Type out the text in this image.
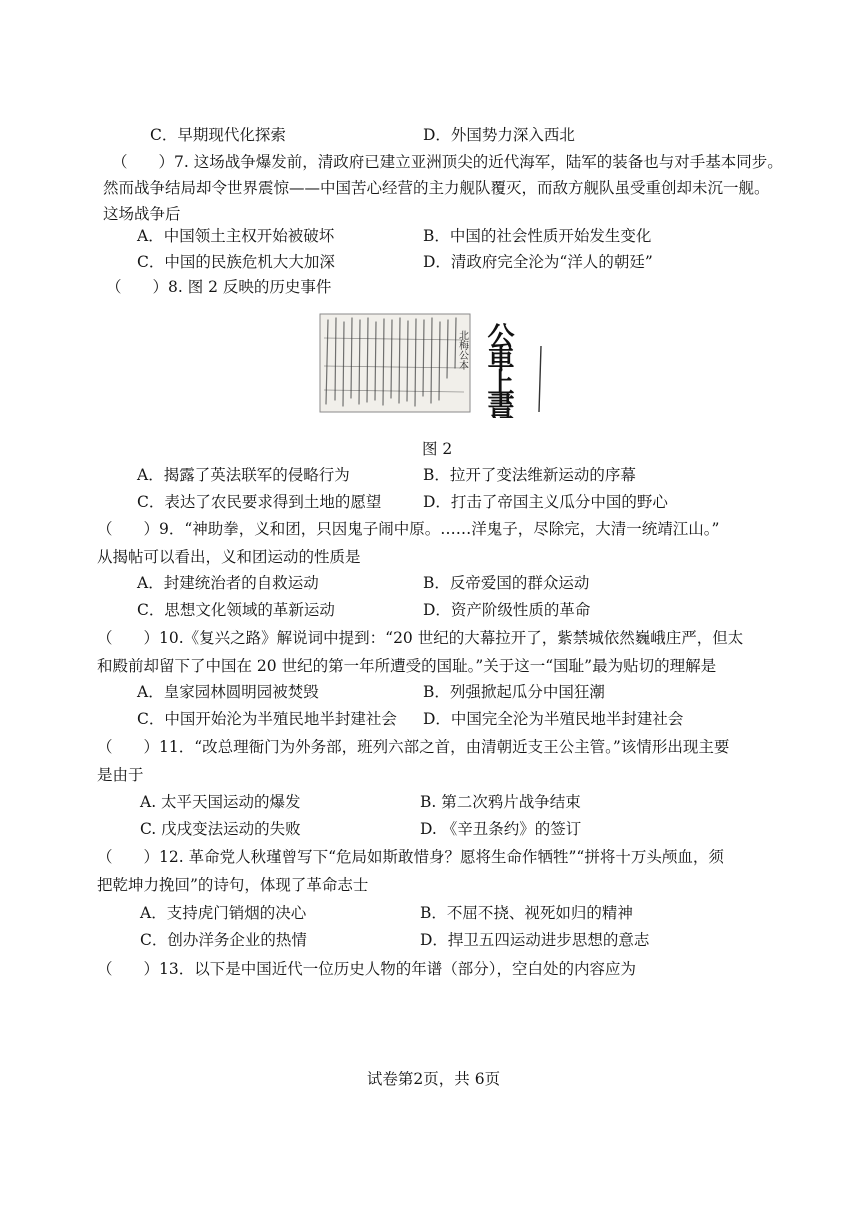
C．早期现代化探索	D．外国势力深入西北
（　　）7. 这场战争爆发前，清政府已建立亚洲顶尖的近代海军，陆军的装备也与对手基本同步。
然而战争结局却令世界震惊——中国苦心经营的主力舰队覆灭，而敌方舰队虽受重创却未沉一舰。
这场战争后
A．中国领土主权开始被破坏	B．中国的社会性质开始发生变化
C．中国的民族危机大大加深	D．清政府完全沦为“洋人的朝廷”
（　　）8. 图 2 反映的历史事件
北梅公本 公車上書記
图 2
A．揭露了英法联军的侵略行为	B．拉开了变法维新运动的序幕
C．表达了农民要求得到土地的愿望	D．打击了帝国主义瓜分中国的野心
（　　）9．“神助拳，义和团，只因鬼子闹中原。……洋鬼子，尽除完，大清一统靖江山。”
从揭帖可以看出，义和团运动的性质是
A．封建统治者的自救运动	B．反帝爱国的群众运动
C．思想文化领域的革新运动	D．资产阶级性质的革命
（　　）10.《复兴之路》解说词中提到：“20 世纪的大幕拉开了，紫禁城依然巍峨庄严，但太
和殿前却留下了中国在 20 世纪的第一年所遭受的国耻。”关于这一“国耻”最为贴切的理解是
A．皇家园林圆明园被焚毁	B．列强掀起瓜分中国狂潮
C．中国开始沦为半殖民地半封建社会 D．中国完全沦为半殖民地半封建社会
（　　）11．“改总理衙门为外务部，班列六部之首，由清朝近支王公主管。”该情形出现主要
是由于
A. 太平天国运动的爆发	B. 第二次鸦片战争结束
C. 戊戌变法运动的失败	D. 《辛丑条约》的签订
（　　）12. 革命党人秋瑾曾写下“危局如斯敢惜身？愿将生命作牺牲”“拼将十万头颅血，须
把乾坤力挽回”的诗句，体现了革命志士
A．支持虎门销烟的决心	B．不屈不挠、视死如归的精神
C．创办洋务企业的热情	D．捍卫五四运动进步思想的意志
（　　）13．以下是中国近代一位历史人物的年谱（部分），空白处的内容应为
试卷第2页，共 6页
